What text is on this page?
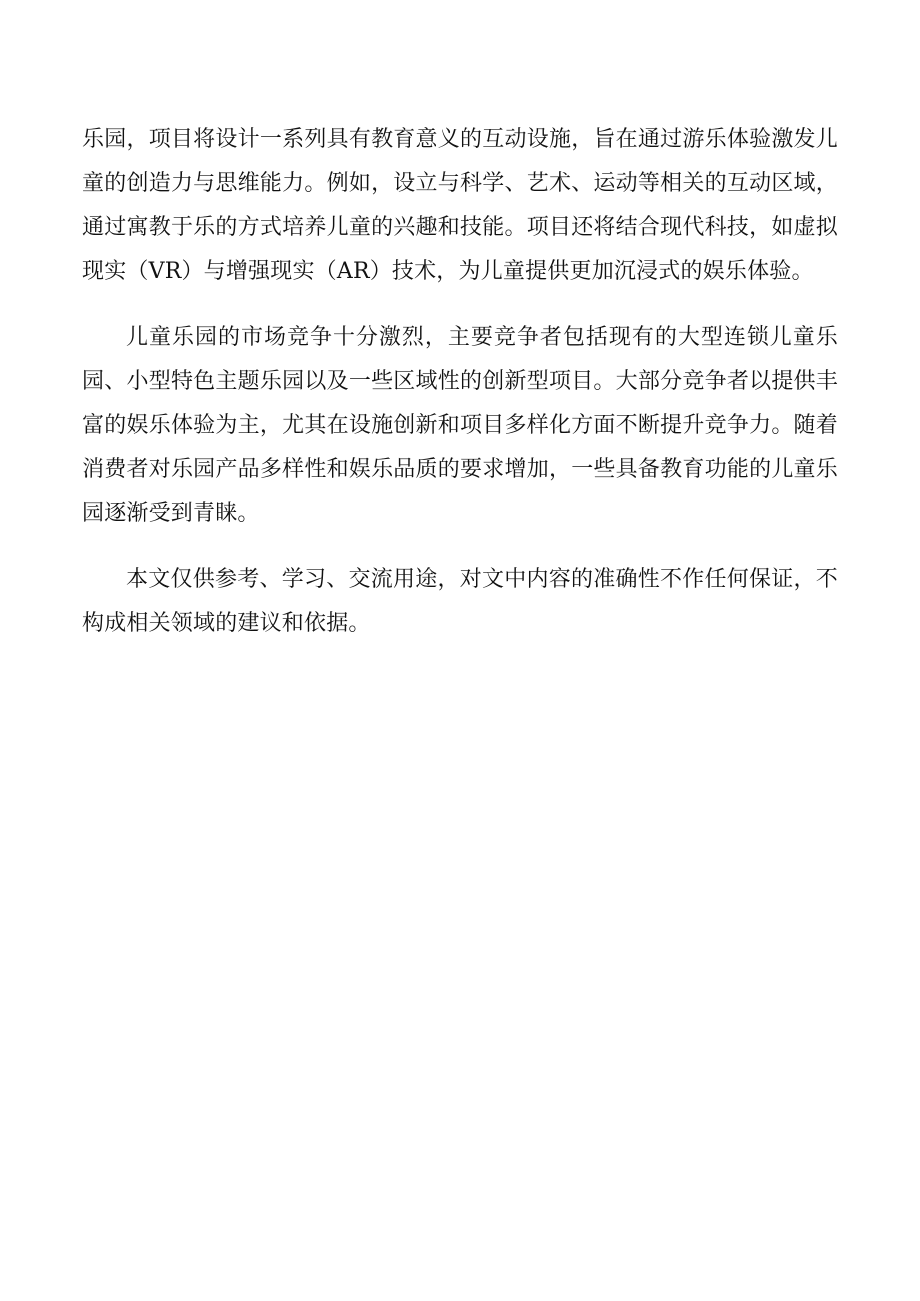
乐园，项目将设计一系列具有教育意义的互动设施，旨在通过游乐体验激发儿童的创造力与思维能力。例如，设立与科学、艺术、运动等相关的互动区域，通过寓教于乐的方式培养儿童的兴趣和技能。项目还将结合现代科技，如虚拟现实（VR）与增强现实（AR）技术，为儿童提供更加沉浸式的娱乐体验。

儿童乐园的市场竞争十分激烈，主要竞争者包括现有的大型连锁儿童乐园、小型特色主题乐园以及一些区域性的创新型项目。大部分竞争者以提供丰富的娱乐体验为主，尤其在设施创新和项目多样化方面不断提升竞争力。随着消费者对乐园产品多样性和娱乐品质的要求增加，一些具备教育功能的儿童乐园逐渐受到青睐。

本文仅供参考、学习、交流用途，对文中内容的准确性不作任何保证，不构成相关领域的建议和依据。
